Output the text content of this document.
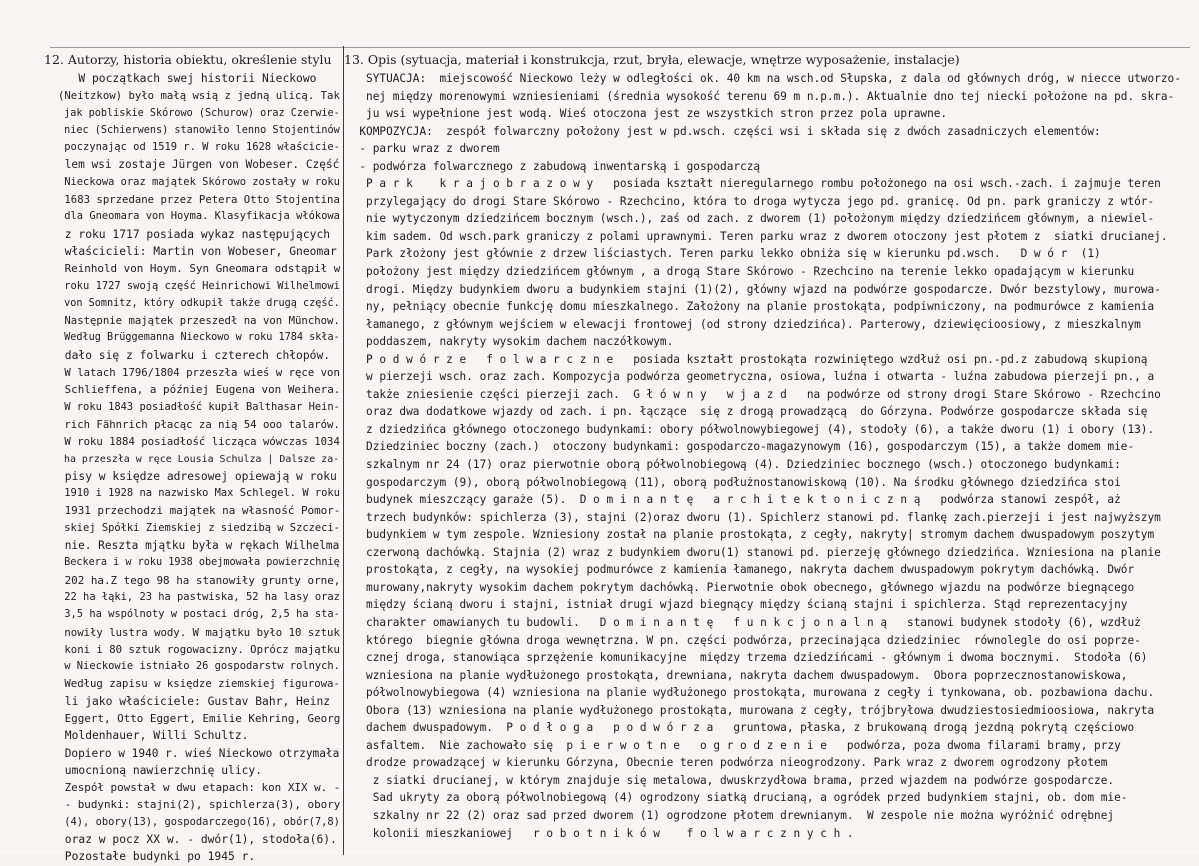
12. Autorzy, historia obiektu, określenie stylu
W początkach swej historii Nieckowo
(Neitzkow) było małą wsią z jedną ulicą. Tak
jak pobliskie Skórowo (Schurow) oraz Czerwie-
niec (Schierwens) stanowiło lenno Stojentinów
poczynając od 1519 r. W roku 1628 właścicie-
lem wsi zostaje Jürgen von Wobeser. Część
Nieckowa oraz majątek Skórowo zostały w roku
1683 sprzedane przez Petera Otto Stojentina
dla Gneomara von Hoyma. Klasyfikacja włókowa
z roku 1717 posiada wykaz następujących
właścicieli: Martin von Wobeser, Gneomar
Reinhold von Hoym. Syn Gneomara odstąpił w
roku 1727 swoją część Heinrichowi Wilhelmowi
von Somnitz, który odkupił także drugą część.
Następnie majątek przeszedł na von Münchow.
Według Brüggemanna Nieckowo w roku 1784 skła-
dało się z folwarku i czterech chłopów.
W latach 1796/1804 przeszła wieś w ręce von
Schlieffena, a później Eugena von Weihera.
W roku 1843 posiadłość kupił Balthasar Hein-
rich Fähnrich płacąc za nią 54 ooo talarów.
W roku 1884 posiadłość licząca wówczas 1034
ha przeszła w ręce Lousia Schulza | Dalsze za-
pisy w księdze adresowej opiewają w roku
1910 i 1928 na nazwisko Max Schlegel. W roku
1931 przechodzi majątek na własność Pomor-
skiej Spółki Ziemskiej z siedzibą w Szczeci-
nie. Reszta mjątku była w rękach Wilhelma
Beckera i w roku 1938 obejmowała powierzchnię
202 ha.Z tego 98 ha stanowiły grunty orne,
22 ha łąki, 23 ha pastwiska, 52 ha lasy oraz
3,5 ha wspólnoty w postaci dróg, 2,5 ha sta-
nowiły lustra wody. W majątku było 10 sztuk
koni i 80 sztuk rogowacizny. Oprócz majątku
w Nieckowie istniało 26 gospodarstw rolnych.
Według zapisu w księdze ziemskiej figurowa-
li jako właściciele: Gustav Bahr, Heinz
Eggert, Otto Eggert, Emilie Kehring, Georg
Moldenhauer, Willi Schultz.
Dopiero w 1940 r. wieś Nieckowo otrzymała
umocnioną nawierzchnię ulicy.
Zespół powstał w dwu etapach: kon XIX w. -
- budynki: stajni(2), spichlerza(3), obory
(4), obory(13), gospodarczego(16), obór(7,8)
oraz w pocz XX w. - dwór(1), stodoła(6).
Pozostałe budynki po 1945 r.
13. Opis (sytuacja, materiał i konstrukcja, rzut, bryła, elewacje, wnętrze wyposażenie, instalacje)
SYTUACJA:  miejscowość Nieckowo leży w odległości ok. 40 km na wsch.od Słupska, z dala od głównych dróg, w niecce utworzo-
nej między morenowymi wzniesieniami (średnia wysokość terenu 69 m n.p.m.). Aktualnie dno tej niecki położone na pd. skra-
ju wsi wypełnione jest wodą. Wieś otoczona jest ze wszystkich stron przez pola uprawne.
KOMPOZYCJA:  zespół folwarczny położony jest w pd.wsch. części wsi i składa się z dwóch zasadniczych elementów:
- parku wraz z dworem
- podwórza folwarcznego z zabudową inwentarską i gospodarczą
P a r k    k r a j o b r a z o w y   posiada kształt nieregularnego rombu położonego na osi wsch.-zach. i zajmuje teren
przylegający do drogi Stare Skórowo - Rzechcino, która to droga wytycza jego pd. granicę. Od pn. park graniczy z wtór-
nie wytyczonym dziedzińcem bocznym (wsch.), zaś od zach. z dworem (1) położonym między dziedzińcem głównym, a niewiel-
kim sadem. Od wsch.park graniczy z polami uprawnymi. Teren parku wraz z dworem otoczony jest płotem z  siatki drucianej.
Park złożony jest głównie z drzew liściastych. Teren parku lekko obniża się w kierunku pd.wsch.   D w ó r  (1)
położony jest między dziedzińcem głównym , a drogą Stare Skórowo - Rzechcino na terenie lekko opadającym w kierunku
drogi. Między budynkiem dworu a budynkiem stajni (1)(2), główny wjazd na podwórze gospodarcze. Dwór bezstylowy, murowa-
ny, pełniący obecnie funkcję domu mieszkalnego. Założony na planie prostokąta, podpiwniczony, na podmurówce z kamienia
łamanego, z głównym wejściem w elewacji frontowej (od strony dziedzińca). Parterowy, dziewięcioosiowy, z mieszkalnym
poddaszem, nakryty wysokim dachem naczółkowym.
P o d w ó r z e   f o l w a r c z n e   posiada kształt prostokąta rozwiniętego wzdłuż osi pn.-pd.z zabudową skupioną
w pierzeji wsch. oraz zach. Kompozycja podwórza geometryczna, osiowa, luźna i otwarta - luźna zabudowa pierzeji pn., a
także zniesienie części pierzeji zach.  G ł ó w n y   w j a z d   na podwórze od strony drogi Stare Skórowo - Rzechcino
oraz dwa dodatkowe wjazdy od zach. i pn. łączące  się z drogą prowadzącą  do Górzyna. Podwórze gospodarcze składa się
z dziedzińca głównego otoczonego budynkami: obory półwolnowybiegowej (4), stodoły (6), a także dworu (1) i obory (13).
Dziedziniec boczny (zach.)  otoczony budynkami: gospodarczo-magazynowym (16), gospodarczym (15), a także domem mie-
szkalnym nr 24 (17) oraz pierwotnie oborą półwolnobiegową (4). Dziedziniec bocznego (wsch.) otoczonego budynkami:
gospodarczym (9), oborą półwolnobiegową (11), oborą podłużnostanowiskową (10). Na środku głównego dziedzińca stoi
budynek mieszczący garaże (5).  D o m i n a n t ę   a r c h i t e k t o n i c z n ą   podwórza stanowi zespół, aż
trzech budynków: spichlerza (3), stajni (2)oraz dworu (1). Spichlerz stanowi pd. flankę zach.pierzeji i jest najwyższym
budynkiem w tym zespole. Wzniesiony został na planie prostokąta, z cegły, nakryty| stromym dachem dwuspadowym poszytym
czerwoną dachówką. Stajnia (2) wraz z budynkiem dworu(1) stanowi pd. pierzeję głównego dziedzińca. Wzniesiona na planie
prostokąta, z cegły, na wysokiej podmurówce z kamienia łamanego, nakryta dachem dwuspadowym pokrytym dachówką. Dwór
murowany,nakryty wysokim dachem pokrytym dachówką. Pierwotnie obok obecnego, głównego wjazdu na podwórze biegnącego
między ścianą dworu i stajni, istniał drugi wjazd biegnący między ścianą stajni i spichlerza. Stąd reprezentacyjny
charakter omawianych tu budowli.   D o m i n a n t ę   f u n k c j o n a l n ą   stanowi budynek stodoły (6), wzdłuż
którego  biegnie główna droga wewnętrzna. W pn. części podwórza, przecinająca dziedziniec  równolegle do osi poprze-
cznej droga, stanowiąca sprzężenie komunikacyjne  między trzema dziedzińcami - głównym i dwoma bocznymi.  Stodoła (6)
wzniesiona na planie wydłużonego prostokąta, drewniana, nakryta dachem dwuspadowym.  Obora poprzecznostanowiskowa,
półwolnowybiegowa (4) wzniesiona na planie wydłużonego prostokąta, murowana z cegły i tynkowana, ob. pozbawiona dachu.
Obora (13) wzniesiona na planie wydłużonego prostokąta, murowana z cegły, trójbryłowa dwudziestosiedmioosiowa, nakryta
dachem dwuspadowym.  P o d ł o g a   p o d w ó r z a   gruntowa, płaska, z brukowaną drogą jezdną pokrytą częściowo
asfaltem.  Nie zachowało się  p i e r w o t n e   o g r o d z e n i e   podwórza, poza dwoma filarami bramy, przy
drodze prowadzącej w kierunku Górzyna, Obecnie teren podwórza nieogrodzony. Park wraz z dworem ogrodzony płotem
z siatki drucianej, w którym znajduje się metalowa, dwuskrzydłowa brama, przed wjazdem na podwórze gospodarcze.
Sad ukryty za oborą półwolnobiegową (4) ogrodzony siatką drucianą, a ogródek przed budynkiem stajni, ob. dom mie-
szkalny nr 22 (2) oraz sad przed dworem (1) ogrodzone płotem drewnianym.  W zespole nie można wyróżnić odrębnej
kolonii mieszkaniowej   r o b o t n i k ó w    f o l w a r c z n y c h .
